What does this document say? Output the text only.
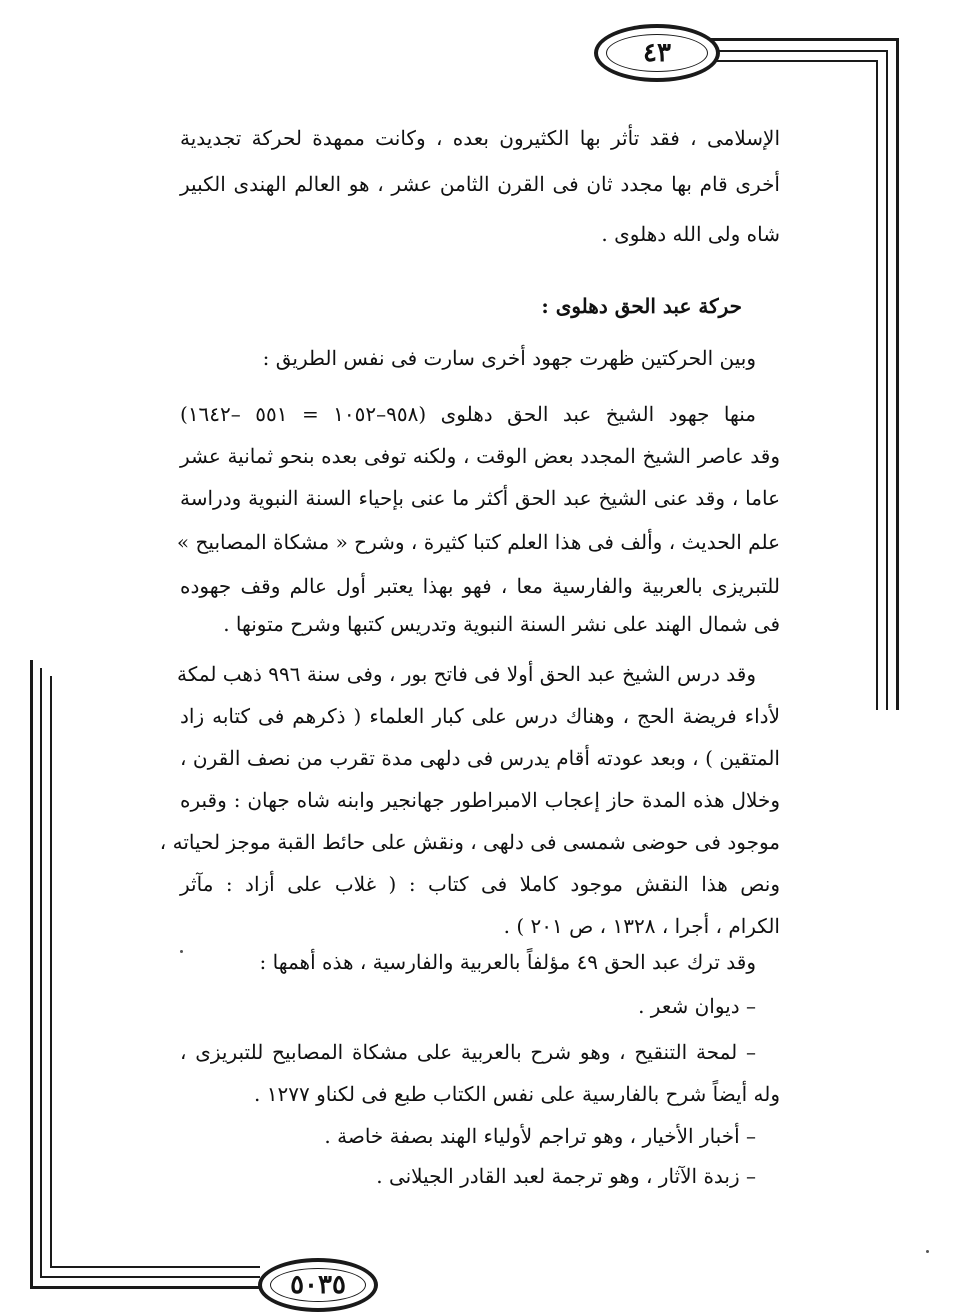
٤٣
٥٠٣٥
الإسلامى ، فقد تأثر بها الكثيرون بعده ، وكانت ممهدة لحركة تجديدية
أخرى قام بها مجدد ثان فى القرن الثامن عشر ، هو العالم الهندى الكبير
شاه ولى الله دهلوى .
حركة عبد الحق دهلوى :
وبين الحركتين ظهرت جهود أخرى سارت فى نفس الطريق :
منها جهود الشيخ عبد الحق دهلوى (٩٥٨–١٠٥٢ = ٥٥١ –١٦٤٢)
وقد عاصر الشيخ المجدد بعض الوقت ، ولكنه توفى بعده بنحو ثمانية عشر
عاما ، وقد عنى الشيخ عبد الحق أكثر ما عنى بإحياء السنة النبوية ودراسة
علم الحديث ، وألف فى هذا العلم كتبا كثيرة ، وشرح « مشكاة المصابيح »
للتبريزى بالعربية والفارسية معا ، فهو بهذا يعتبر أول عالم وقف جهوده
فى شمال الهند على نشر السنة النبوية وتدريس كتبها وشرح متونها .
وقد درس الشيخ عبد الحق أولا فى فاتح بور ، وفى سنة ٩٩٦ ذهب لمكة
لأداء فريضة الحج ، وهناك درس على كبار العلماء ( ذكرهم فى كتابه زاد
المتقين ) ، وبعد عودته أقام يدرس فى دلهى مدة تقرب من نصف القرن ،
وخلال هذه المدة حاز إعجاب الامبراطور جهانجير وابنه شاه جهان : وقبره
موجود فى حوضى شمسى فى دلهى ، ونقش على حائط القبة موجز لحياته ،
ونص هذا النقش موجود كاملا فى كتاب : ( غلاب على أزاد : مآثر
الكرام ، أجرا ، ١٣٢٨ ، ص ٢٠١ ) .
وقد ترك عبد الحق ٤٩ مؤلفاً بالعربية والفارسية ، هذه أهمها :
– ديوان شعر .
– لمحة التنقيح ، وهو شرح بالعربية على مشكاة المصابيح للتبريزى ،
وله أيضاً شرح بالفارسية على نفس الكتاب طبع فى لكناو ١٢٧٧ .
– أخبار الأخيار ، وهو تراجم لأولياء الهند بصفة خاصة .
– زبدة الآثار ، وهو ترجمة لعبد القادر الجيلانى .
